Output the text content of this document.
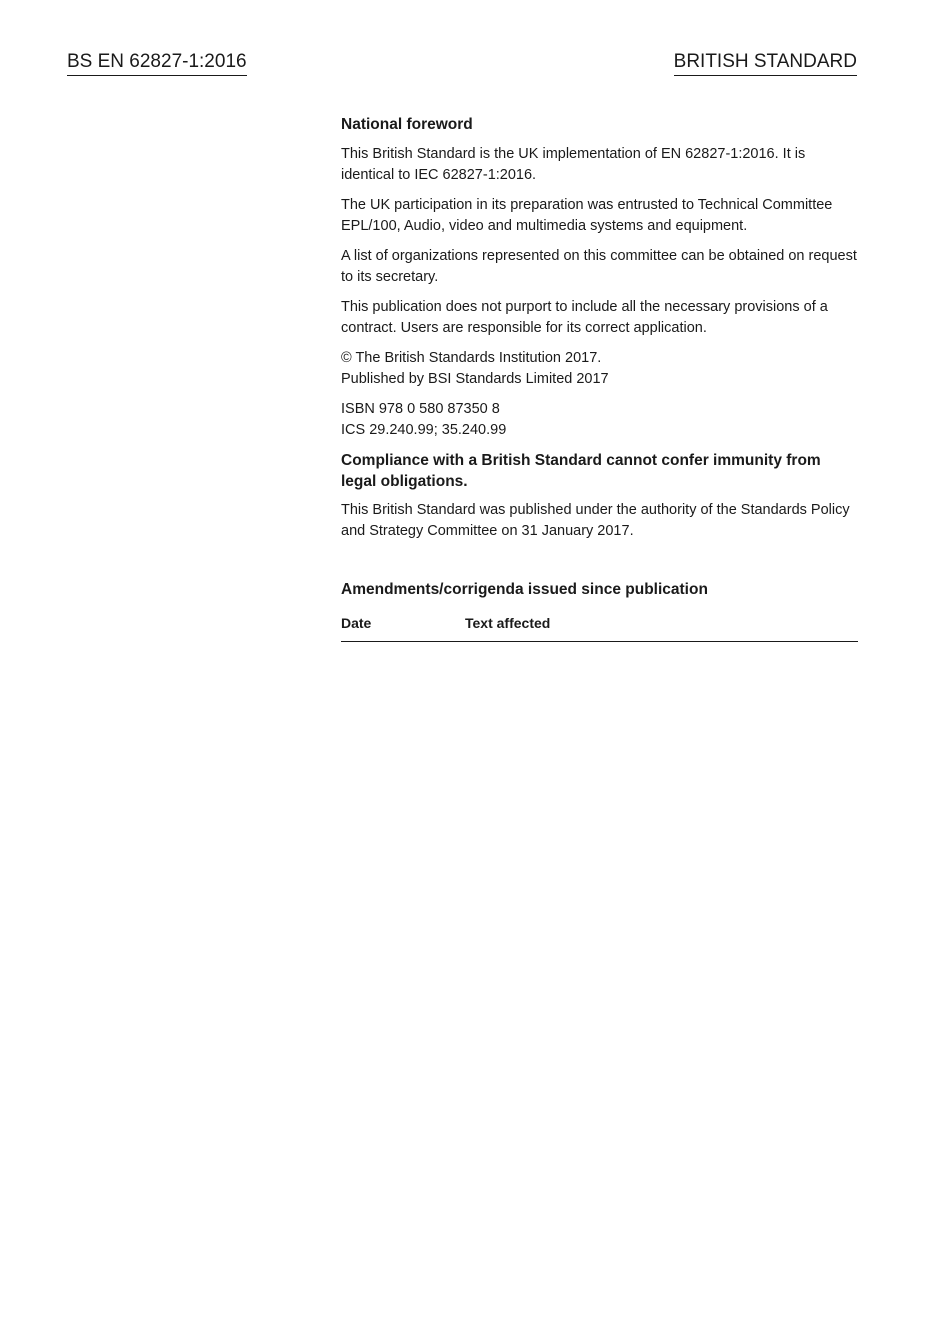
BS EN 62827-1:2016	BRITISH STANDARD
National foreword

This British Standard is the UK implementation of EN 62827-1:2016. It is identical to IEC 62827-1:2016.

The UK participation in its preparation was entrusted to Technical Committee EPL/100, Audio, video and multimedia systems and equipment.

A list of organizations represented on this committee can be obtained on request to its secretary.

This publication does not purport to include all the necessary provisions of a contract. Users are responsible for its correct application.

© The British Standards Institution 2017.
Published by BSI Standards Limited 2017

ISBN 978 0 580 87350 8
ICS 29.240.99; 35.240.99

Compliance with a British Standard cannot confer immunity from legal obligations.

This British Standard was published under the authority of the Standards Policy and Strategy Committee on 31 January 2017.

Amendments/corrigenda issued since publication
Date	Text affected
